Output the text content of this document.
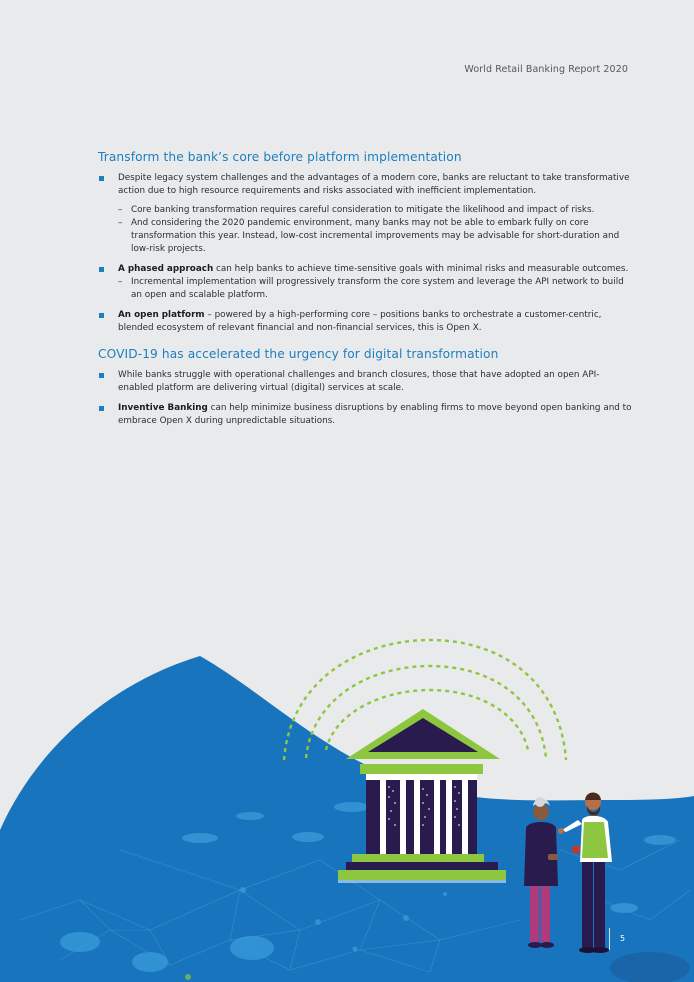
World Retail Banking Report 2020
Transform the bank’s core before platform implementation
Despite legacy system challenges and the advantages of a modern core, banks are reluctant to take transformative action due to high resource requirements and risks associated with inefficient implementation.
– Core banking transformation requires careful consideration to mitigate the likelihood and impact of risks.
– And considering the 2020 pandemic environment, many banks may not be able to embark fully on core transformation this year. Instead, low-cost incremental improvements may be advisable for short-duration and low-risk projects.
A phased approach can help banks to achieve time-sensitive goals with minimal risks and measurable outcomes.
– Incremental implementation will progressively transform the core system and leverage the API network to build an open and scalable platform.
An open platform – powered by a high-performing core – positions banks to orchestrate a customer-centric, blended ecosystem of relevant financial and non-financial services, this is Open X.
COVID-19 has accelerated the urgency for digital transformation
While banks struggle with operational challenges and branch closures, those that have adopted an open API-enabled platform are delivering virtual (digital) services at scale.
Inventive Banking can help minimize business disruptions by enabling firms to move beyond open banking and to embrace Open X during unpredictable situations.
5
